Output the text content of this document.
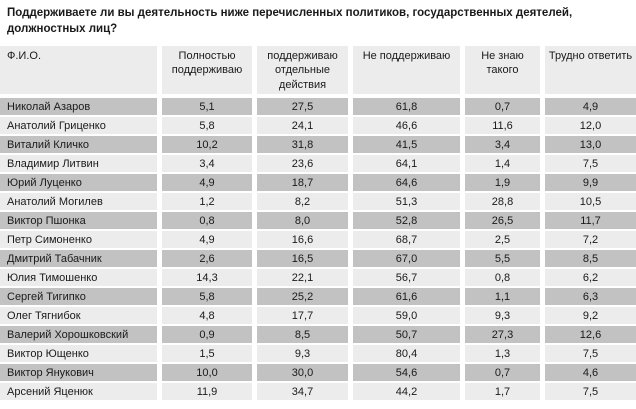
Поддерживаете ли вы деятельность ниже перечисленных политиков, государственных деятелей, должностных лиц?
Ф.И.О.	Полностью поддерживаю	поддерживаю отдельные действия	Не поддерживаю	Не знаю такого	Трудно ответить
Николай Азаров	5,1	27,5	61,8	0,7	4,9
Анатолий Гриценко	5,8	24,1	46,6	11,6	12,0
Виталий Кличко	10,2	31,8	41,5	3,4	13,0
Владимир Литвин	3,4	23,6	64,1	1,4	7,5
Юрий Луценко	4,9	18,7	64,6	1,9	9,9
Анатолий Могилев	1,2	8,2	51,3	28,8	10,5
Виктор Пшонка	0,8	8,0	52,8	26,5	11,7
Петр Симоненко	4,9	16,6	68,7	2,5	7,2
Дмитрий Табачник	2,6	16,5	67,0	5,5	8,5
Юлия Тимошенко	14,3	22,1	56,7	0,8	6,2
Сергей Тигипко	5,8	25,2	61,6	1,1	6,3
Олег Тягнибок	4,8	17,7	59,0	9,3	9,2
Валерий Хорошковский	0,9	8,5	50,7	27,3	12,6
Виктор Ющенко	1,5	9,3	80,4	1,3	7,5
Виктор Янукович	10,0	30,0	54,6	0,7	4,6
Арсений Яценюк	11,9	34,7	44,2	1,7	7,5
